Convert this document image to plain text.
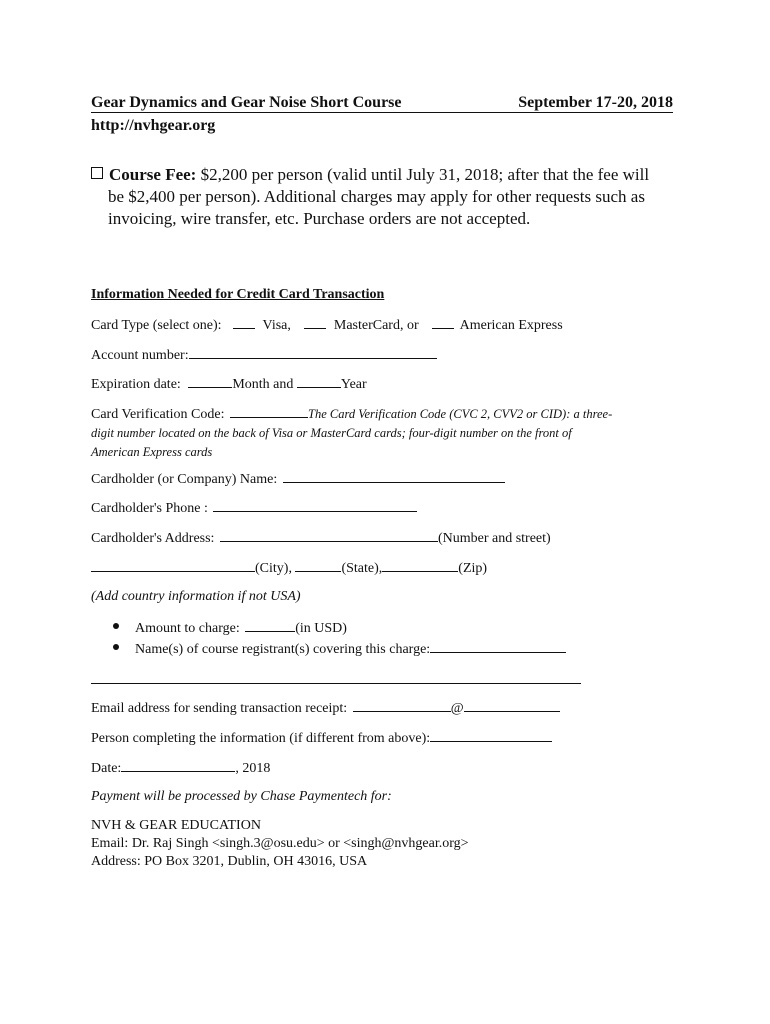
Gear Dynamics and Gear Noise Short Course	September 17-20, 2018
http://nvhgear.org
Course Fee: $2,200 per person (valid until July 31, 2018; after that the fee will
be $2,400 per person). Additional charges may apply for other requests such as
invoicing, wire transfer, etc. Purchase orders are not accepted.
Information Needed for Credit Card Transaction
Card Type (select one):	Visa,	MasterCard, or	American Express
Account number:
Expiration date:	Month and	Year
Card Verification Code:	The Card Verification Code (CVC 2, CVV2 or CID): a three-
digit number located on the back of Visa or MasterCard cards; four-digit number on the front of
American Express cards
Cardholder (or Company) Name:
Cardholder's Phone :
Cardholder's Address:	(Number and street)
(City),	(State),	(Zip)
(Add country information if not USA)
Amount to charge:	(in USD)
Name(s) of course registrant(s) covering this charge:
Email address for sending transaction receipt:	@
Person completing the information (if different from above):
Date:	, 2018
Payment will be processed by Chase Paymentech for:
NVH & GEAR EDUCATION
Email: Dr. Raj Singh <singh.3@osu.edu> or <singh@nvhgear.org>
Address: PO Box 3201, Dublin, OH 43016, USA
